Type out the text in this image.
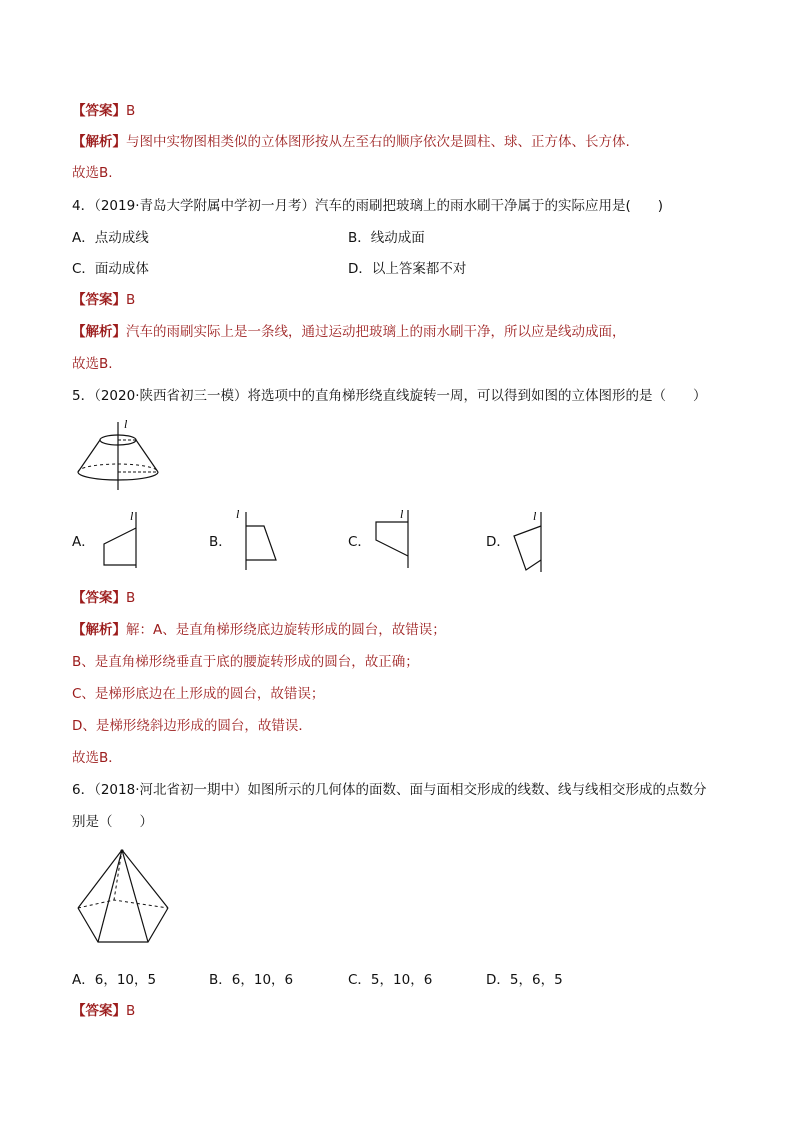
【答案】B
【解析】与图中实物图相类似的立体图形按从左至右的顺序依次是圆柱、球、正方体、长方体.
故选B.
4．（2019·青岛大学附属中学初一月考）汽车的雨刷把玻璃上的雨水刷干净属于的实际应用是(　　)
A．点动成线	B．线动成面
C．面动成体	D．以上答案都不对
【答案】B
【解析】汽车的雨刷实际上是一条线，通过运动把玻璃上的雨水刷干净，所以应是线动成面，
故选B.
5．（2020·陕西省初三一模）将选项中的直角梯形绕直线旋转一周，可以得到如图的立体图形的是（　　）
l
A．
l
B．
l
C．
l
D．
l
【答案】B
【解析】解：A、是直角梯形绕底边旋转形成的圆台，故错误；
B、是直角梯形绕垂直于底的腰旋转形成的圆台，故正确；
C、是梯形底边在上形成的圆台，故错误；
D、是梯形绕斜边形成的圆台，故错误．
故选B．
6．（2018·河北省初一期中）如图所示的几何体的面数、面与面相交形成的线数、线与线相交形成的点数分
别是（　　）
A．6，10，5	B．6，10，6	C．5，10，6	D．5，6，5
【答案】B
